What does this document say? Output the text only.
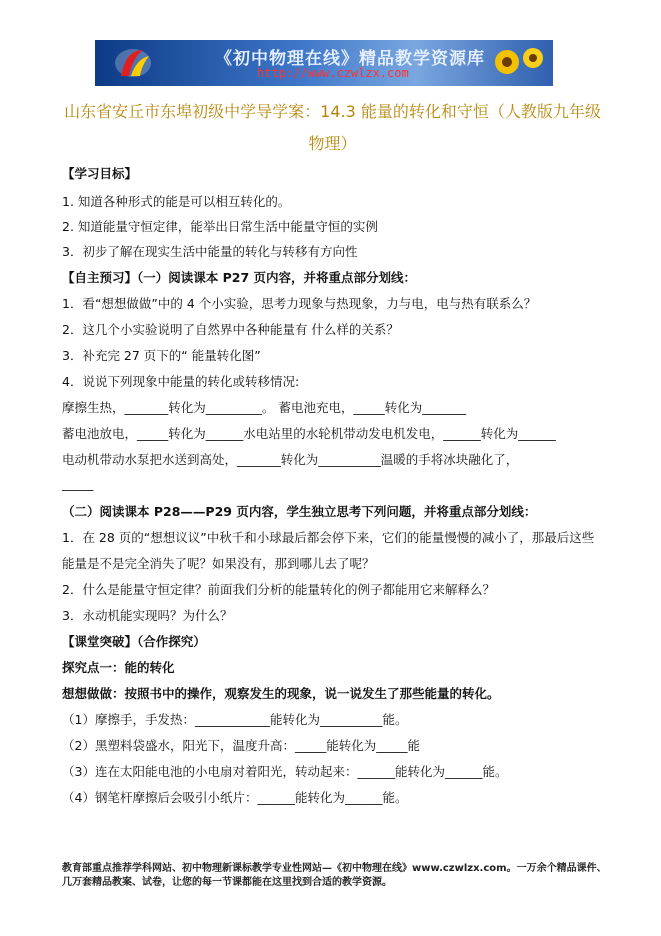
《初中物理在线》精品教学资源库
http://www.czwlzx.com
山东省安丘市东埠初级中学导学案：14.3 能量的转化和守恒（人教版九年级物理）
【学习目标】
1. 知道各种形式的能是可以相互转化的。
2. 知道能量守恒定律，能举出日常生活中能量守恒的实例
3．初步了解在现实生活中能量的转化与转移有方向性
【自主预习】（一）阅读课本 P27 页内容，并将重点部分划线：
1．看“想想做做”中的 4 个小实验，思考力现象与热现象，力与电，电与热有联系么？
2．这几个小实验说明了自然界中各种能量有 什么样的关系？
3．补充完 27 页下的“ 能量转化图”
4．说说下列现象中能量的转化或转移情况:
摩擦生热，_______转化为_________。 蓄电池充电，_____转化为_______
蓄电池放电，_____转化为______水电站里的水轮机带动发电机发电，______转化为______
电动机带动水泵把水送到高处，_______转化为__________温暖的手将冰块融化了，
_____
（二）阅读课本 P28——P29 页内容，学生独立思考下列问题，并将重点部分划线：
1．在 28 页的“想想议议”中秋千和小球最后都会停下来，它们的能量慢慢的减小了，那最后这些
能量是不是完全消失了呢？如果没有，那到哪儿去了呢？
2．什么是能量守恒定律？前面我们分析的能量转化的例子都能用它来解释么？
3．永动机能实现吗？为什么？
【课堂突破】（合作探究）
探究点一：能的转化
想想做做：按照书中的操作，观察发生的现象，说一说发生了那些能量的转化。
（1）摩擦手，手发热：____________能转化为__________能。
（2）黑塑料袋盛水，阳光下，温度升高：_____能转化为_____能
（3）连在太阳能电池的小电扇对着阳光，转动起来：______能转化为______能。
（4）钢笔杆摩擦后会吸引小纸片：______能转化为______能。
教育部重点推荐学科网站、初中物理新课标教学专业性网站—《初中物理在线》www.czwlzx.com。一万余个精品课件、
几万套精品教案、试卷，让您的每一节课都能在这里找到合适的教学资源。
